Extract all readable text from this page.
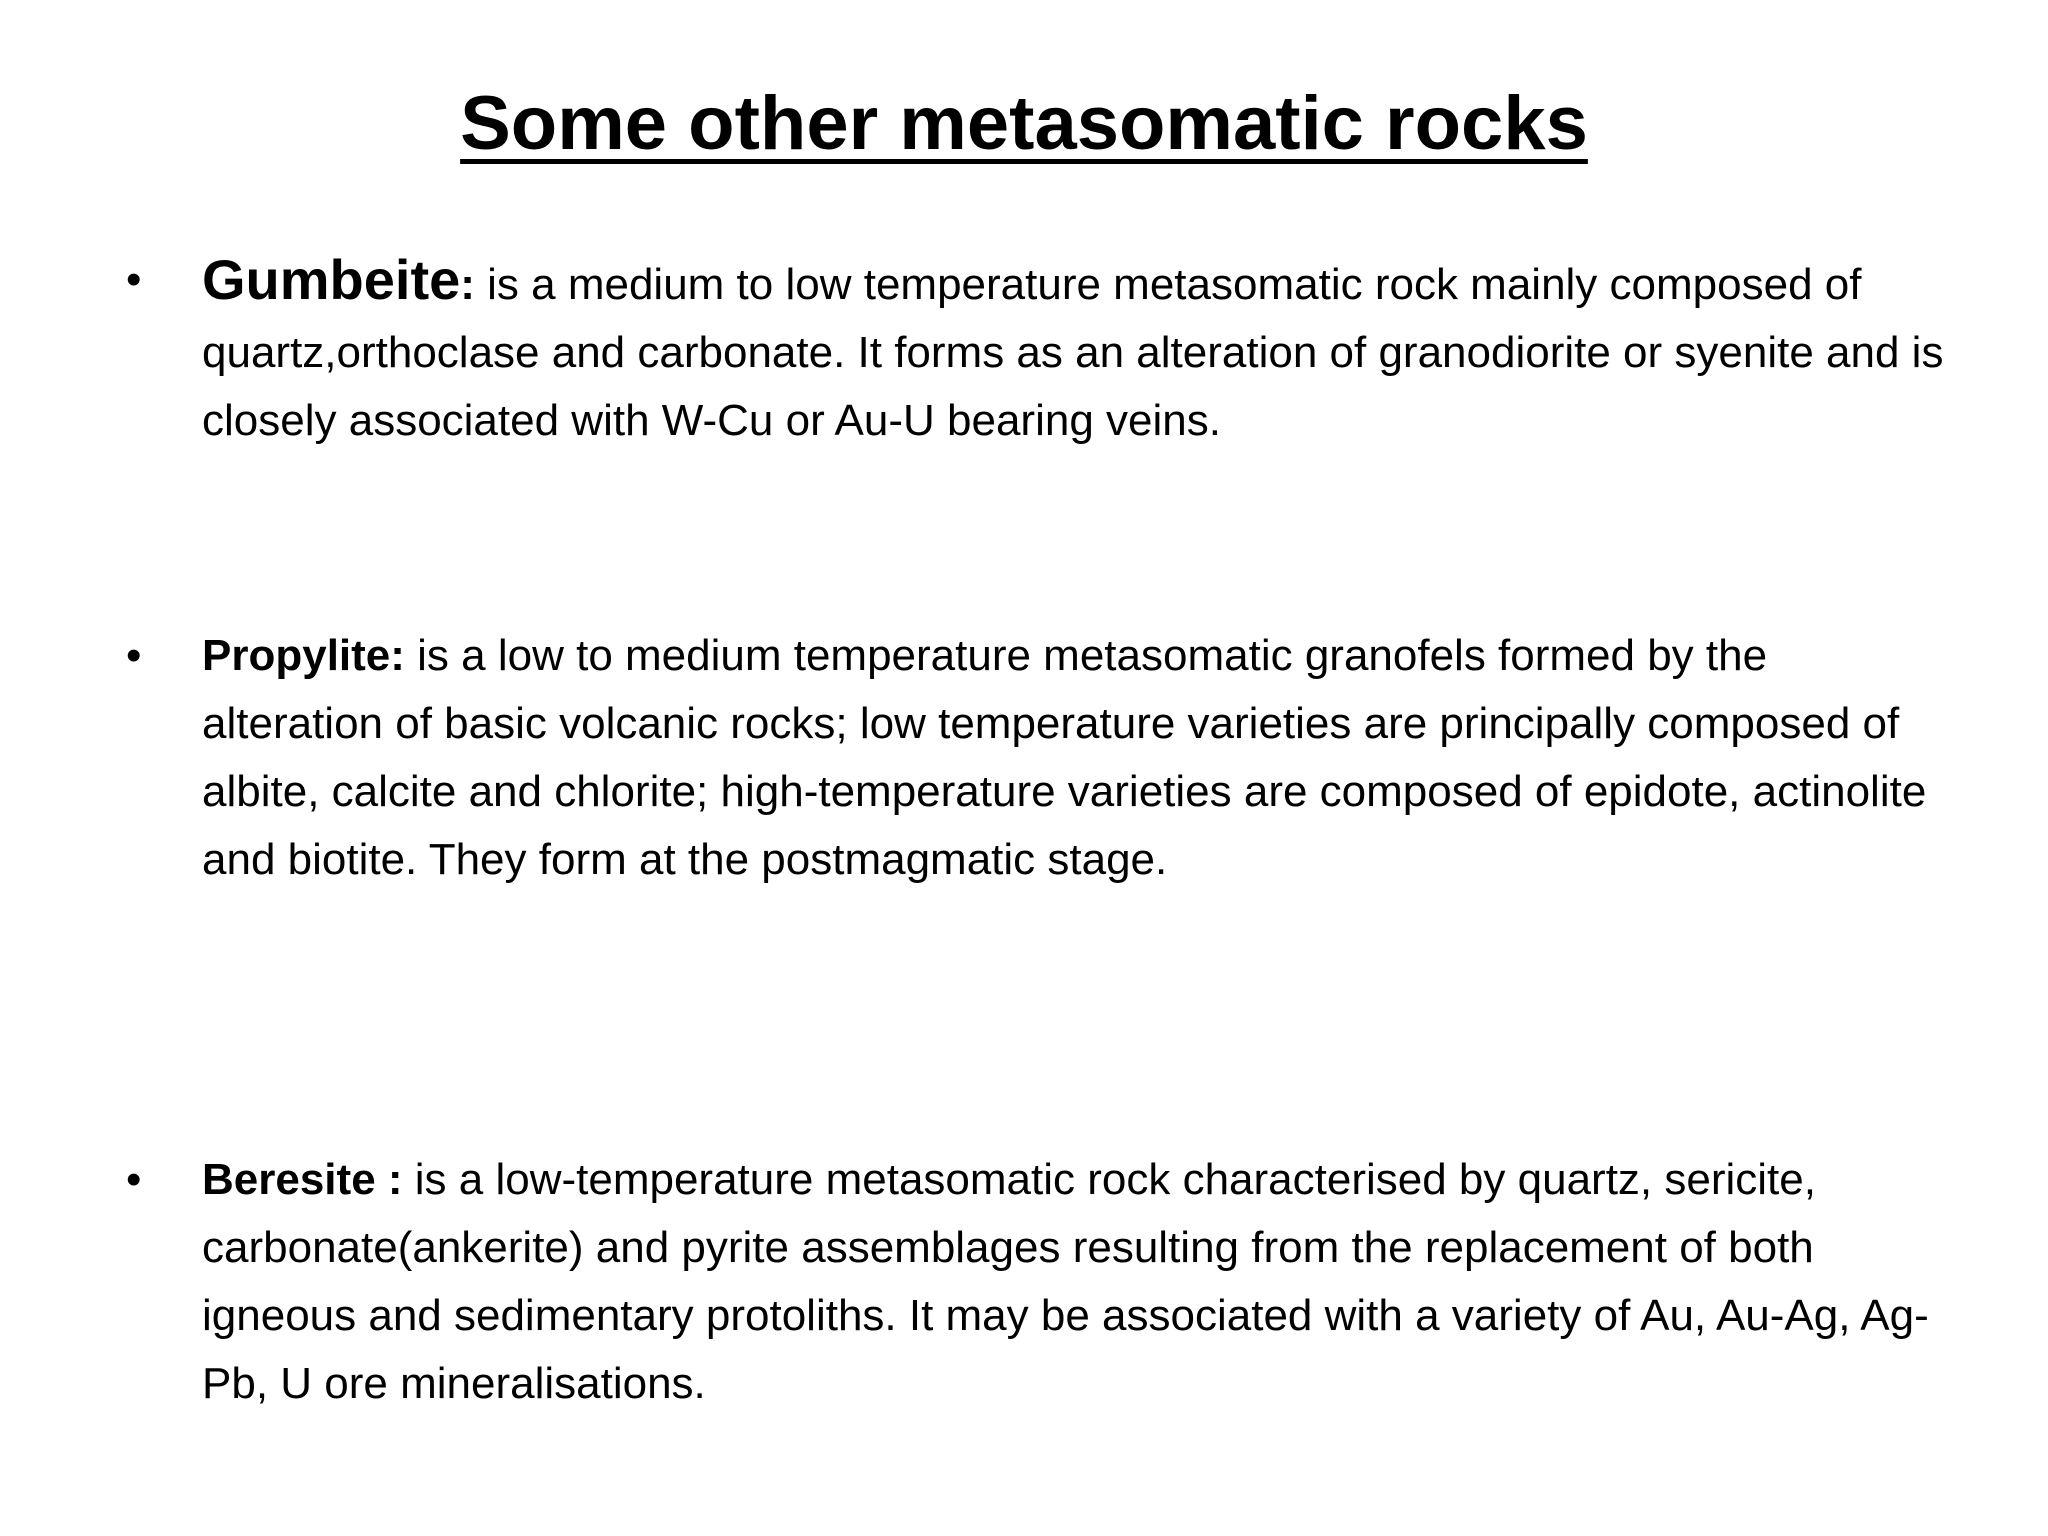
Some other metasomatic rocks
• Gumbeite: is a medium to low temperature metasomatic rock mainly composed of quartz,orthoclase and carbonate. It forms as an alteration of granodiorite or syenite and is closely associated with W-Cu or Au-U bearing veins.
• Propylite: is a low to medium temperature metasomatic granofels formed by the alteration of basic volcanic rocks; low temperature varieties are principally composed of albite, calcite and chlorite; high-temperature varieties are composed of epidote, actinolite and biotite. They form at the postmagmatic stage.
• Beresite : is a low-temperature metasomatic rock characterised by quartz, sericite, carbonate(ankerite) and pyrite assemblages resulting from the replacement of both igneous and sedimentary protoliths. It may be associated with a variety of Au, Au-Ag, Ag-Pb, U ore mineralisations.
